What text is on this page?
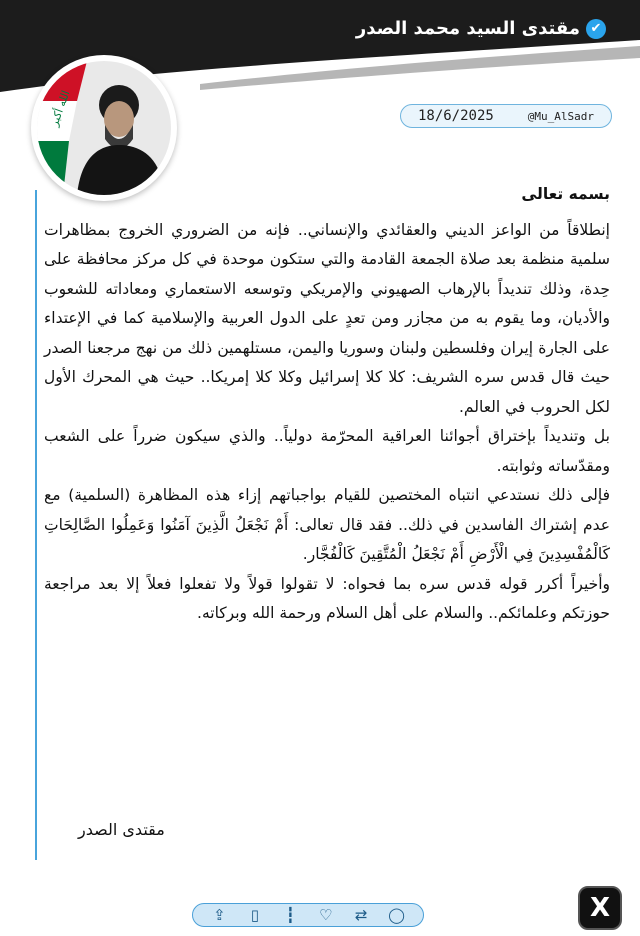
✔
مقتدى السيد محمد الصدر
الله أكبر	18/6/2025	@Mu_AlSadr

بسمه تعالى

إنطلاقاً من الواعز الديني والعقائدي والإنساني.. فإنه من الضروري الخروج بمظاهرات سلمية منظمة بعد صلاة الجمعة القادمة والتي ستكون موحدة في كل مركز محافظة على حِدة، وذلك تنديداً بالإرهاب الصهيوني والإمريكي وتوسعه الاستعماري ومعاداته للشعوب والأديان، وما يقوم به من مجازر ومن تعدٍ على الدول العربية والإسلامية كما في الإعتداء على الجارة إيران وفلسطين ولبنان وسوريا واليمن، مستلهمين ذلك من نهج مرجعنا الصدر حيث قال قدس سره الشريف: كلا كلا إسرائيل وكلا كلا إمريكا.. حيث هي المحرك الأول لكل الحروب في العالم.

بل وتنديداً بإختراق أجوائنا العراقية المحرّمة دولياً.. والذي سيكون ضرراً على الشعب ومقدّساته وثوابته.

فإلى ذلك نستدعي انتباه المختصين للقيام بواجباتهم إزاء هذه المظاهرة (السلمية) مع عدم إشتراك الفاسدين في ذلك.. فقد قال تعالى: أَمْ نَجْعَلُ الَّذِينَ آمَنُوا وَعَمِلُوا الصَّالِحَاتِ كَالْمُفْسِدِينَ فِي الْأَرْضِ أَمْ نَجْعَلُ الْمُتَّقِينَ كَالْفُجَّار.

وأخيراً أكرر قوله قدس سره بما فحواه: لا تقولوا قولاً ولا تفعلوا فعلاً إلا بعد مراجعة حوزتكم وعلمائكم.. والسلام على أهل السلام ورحمة الله وبركاته.

مقتدى الصدر
⇪	▯	┇ ♡ ⇄ ◯	X
